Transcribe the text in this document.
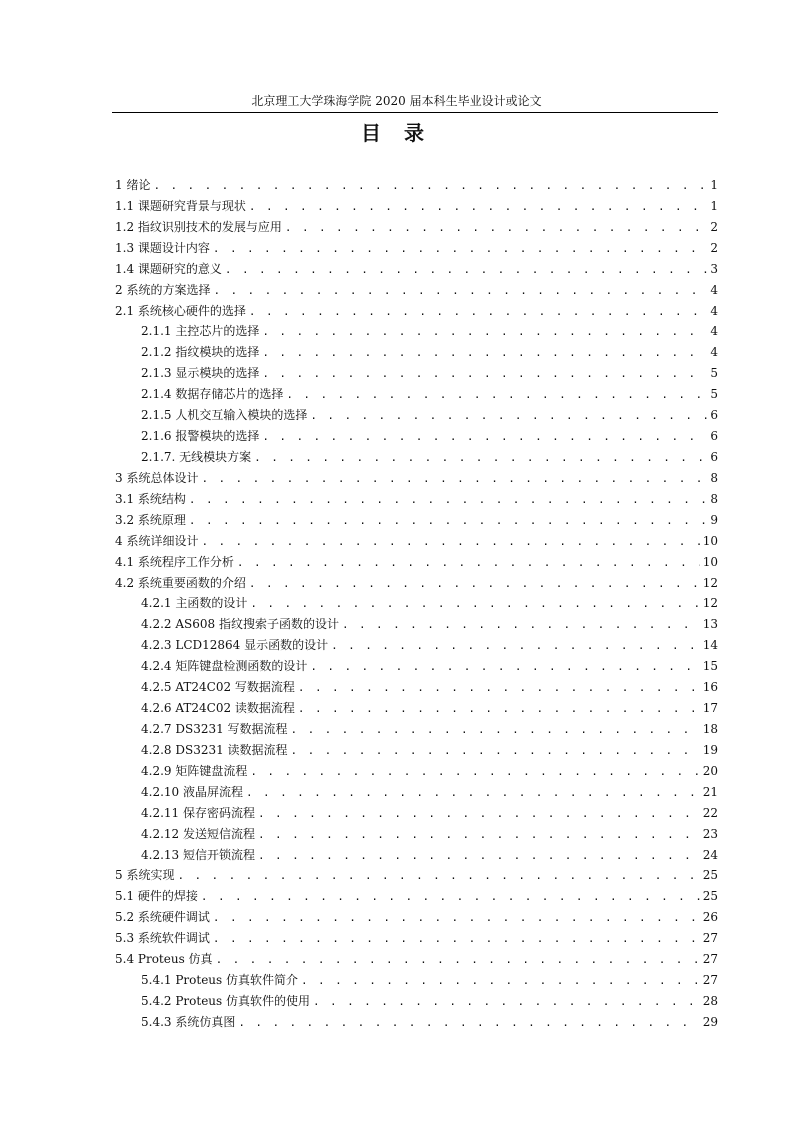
北京理工大学珠海学院 2020 届本科生毕业设计或论文
目 录
1 绪论 . . .	1
1.1 课题研究背景与现状 . . .	1
1.2 指纹识别技术的发展与应用 . . .	2
1.3 课题设计内容 . . .	2
1.4 课题研究的意义 . . .	3
2 系统的方案选择 . . .	4
2.1 系统核心硬件的选择 . . .	4
2.1.1 主控芯片的选择 . . .	4
2.1.2 指纹模块的选择 . . .	4
2.1.3 显示模块的选择 . . .	5
2.1.4 数据存储芯片的选择 . . .	5
2.1.5 人机交互输入模块的选择 . . .	6
2.1.6 报警模块的选择 . . .	6
2.1.7. 无线模块方案 . . .	6
3 系统总体设计 . . .	8
3.1 系统结构 . . .	8
3.2 系统原理 . . .	9
4 系统详细设计 . . .	10
4.1 系统程序工作分析 . . .	10
4.2 系统重要函数的介绍 . . .	12
4.2.1 主函数的设计 . . .	12
4.2.2 AS608 指纹搜索子函数的设计 . . .	13
4.2.3 LCD12864 显示函数的设计 . . .	14
4.2.4 矩阵键盘检测函数的设计 . . .	15
4.2.5 AT24C02 写数据流程 . . .	16
4.2.6 AT24C02 读数据流程 . . .	17
4.2.7 DS3231 写数据流程 . . .	18
4.2.8 DS3231 读数据流程 . . .	19
4.2.9 矩阵键盘流程 . . .	20
4.2.10 液晶屏流程 . . .	21
4.2.11 保存密码流程 . . .	22
4.2.12 发送短信流程 . . .	23
4.2.13 短信开锁流程 . . .	24
5 系统实现 . . .	25
5.1 硬件的焊接 . . .	25
5.2 系统硬件调试 . . .	26
5.3 系统软件调试 . . .	27
5.4 Proteus 仿真 . . .	27
5.4.1 Proteus 仿真软件简介 . . .	27
5.4.2 Proteus 仿真软件的使用 . . .	28
5.4.3 系统仿真图 . . .	29
